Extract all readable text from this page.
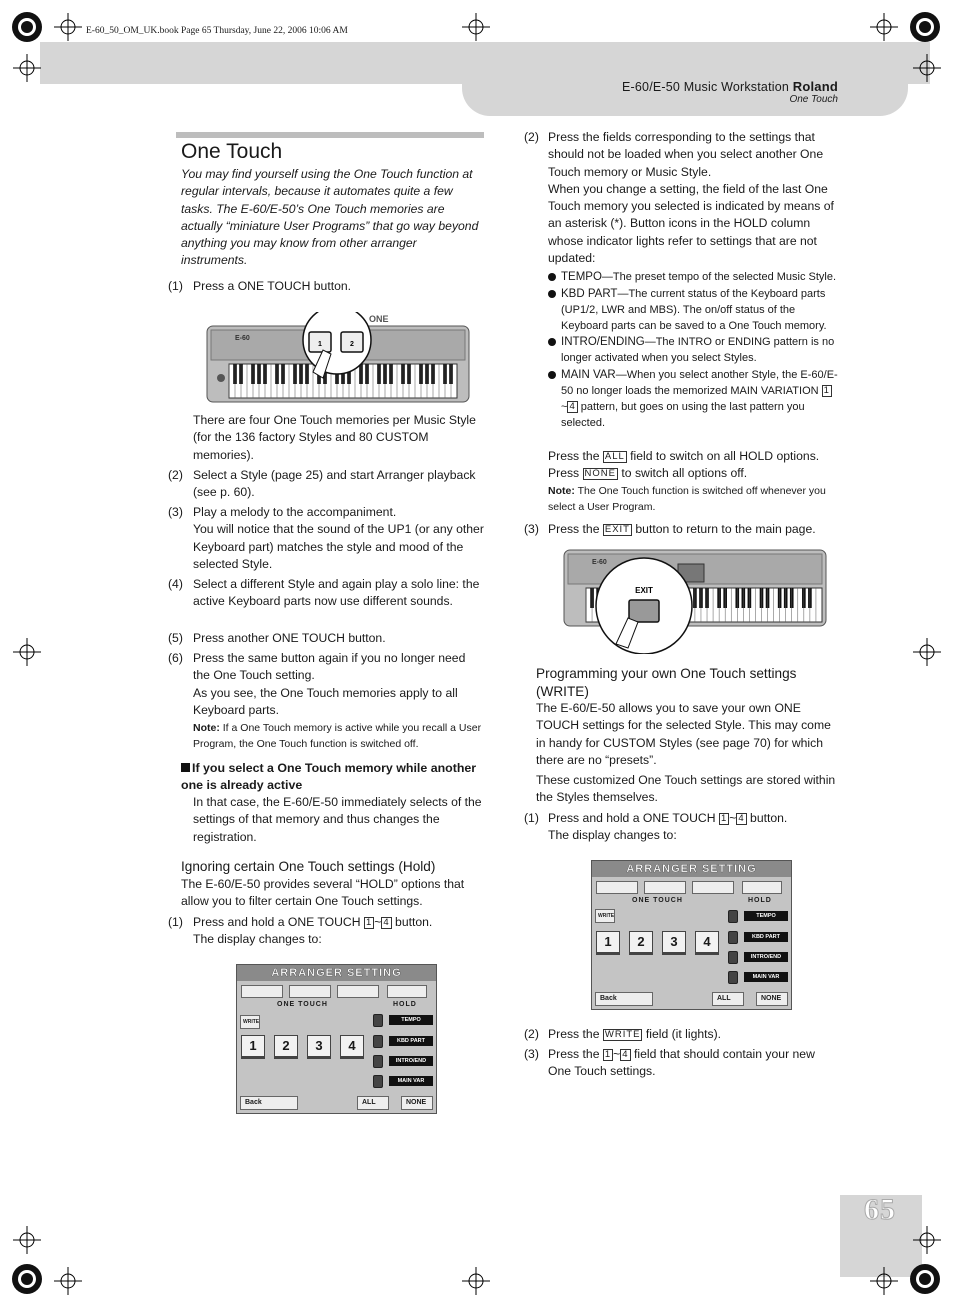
E-60_50_OM_UK.book Page 65 Thursday, June 22, 2006 10:06 AM
E-60/E-50 Music Workstation Roland
One Touch
65
One Touch
You may find yourself using the One Touch function at regular intervals, because it automates quite a few tasks. The E-60/E-50’s One Touch memories are actually “miniature User Programs” that go way beyond anything you may know from other arranger instruments.
(1) Press a ONE TOUCH button.
E-60
1	2
ONE
There are four One Touch memories per Music Style (for the 136 factory Styles and 80 CUSTOM memories).
(2) Select a Style (page 25) and start Arranger playback (see p. 60).
(3) Play a melody to the accompaniment.
You will notice that the sound of the UP1 (or any other Keyboard part) matches the style and mood of the selected Style.
(4) Select a different Style and again play a solo line: the active Keyboard parts now use different sounds.
(5) Press another ONE TOUCH button.
(6) Press the same button again if you no longer need the One Touch setting.
As you see, the One Touch memories apply to all Keyboard parts.
Note: If a One Touch memory is active while you recall a User Program, the One Touch function is switched off.
If you select a One Touch memory while another one is already active
In that case, the E-60/E-50 immediately selects of the settings of that memory and thus changes the registration.
Ignoring certain One Touch settings (Hold)
The E-60/E-50 provides several “HOLD” options that allow you to filter certain One Touch settings.
(1) Press and hold a ONE TOUCH 1 ~ 4 button.
The display changes to:
ARRANGER SETTING
ONE TOUCH	HOLD
WRITE
1	2	3	4
TEMPO
KBD PART
INTRO/END
MAIN VAR
Back	ALL	NONE
(2) Press the fields corresponding to the settings that should not be loaded when you select another One Touch memory or Music Style.
When you change a setting, the field of the last One Touch memory you selected is indicated by means of an asterisk (*). Button icons in the HOLD column whose indicator lights refer to settings that are not updated:
TEMPO—The preset tempo of the selected Music Style.
KBD PART—The current status of the Keyboard parts (UP1/2, LWR and MBS). The on/off status of the Keyboard parts can be saved to a One Touch memory.
INTRO/ENDING—The INTRO or ENDING pattern is no longer activated when you select Styles.
MAIN VAR—When you select another Style, the E-60/E-50 no longer loads the memorized MAIN VARIATION 1~ 4 pattern, but goes on using the last pattern you selected.
Press the ALL field to switch on all HOLD options.
Press NONE to switch all options off.
Note: The One Touch function is switched off whenever you select a User Program.
(3) Press the EXIT button to return to the main page.
E-60
EXIT
Programming your own One Touch settings (WRITE)
The E-60/E-50 allows you to save your own ONE TOUCH settings for the selected Style. This may come in handy for CUSTOM Styles (see page 70) for which there are no “presets”.
These customized One Touch settings are stored within the Styles themselves.
(1) Press and hold a ONE TOUCH 1 ~ 4 button.
The display changes to:
ARRANGER SETTING
ONE TOUCH	HOLD
WRITE
1	2	3	4
TEMPO
KBD PART
INTRO/END
MAIN VAR
Back	ALL	NONE
(2) Press the WRITE field (it lights).
(3) Press the 1 ~ 4 field that should contain your new One Touch settings.
